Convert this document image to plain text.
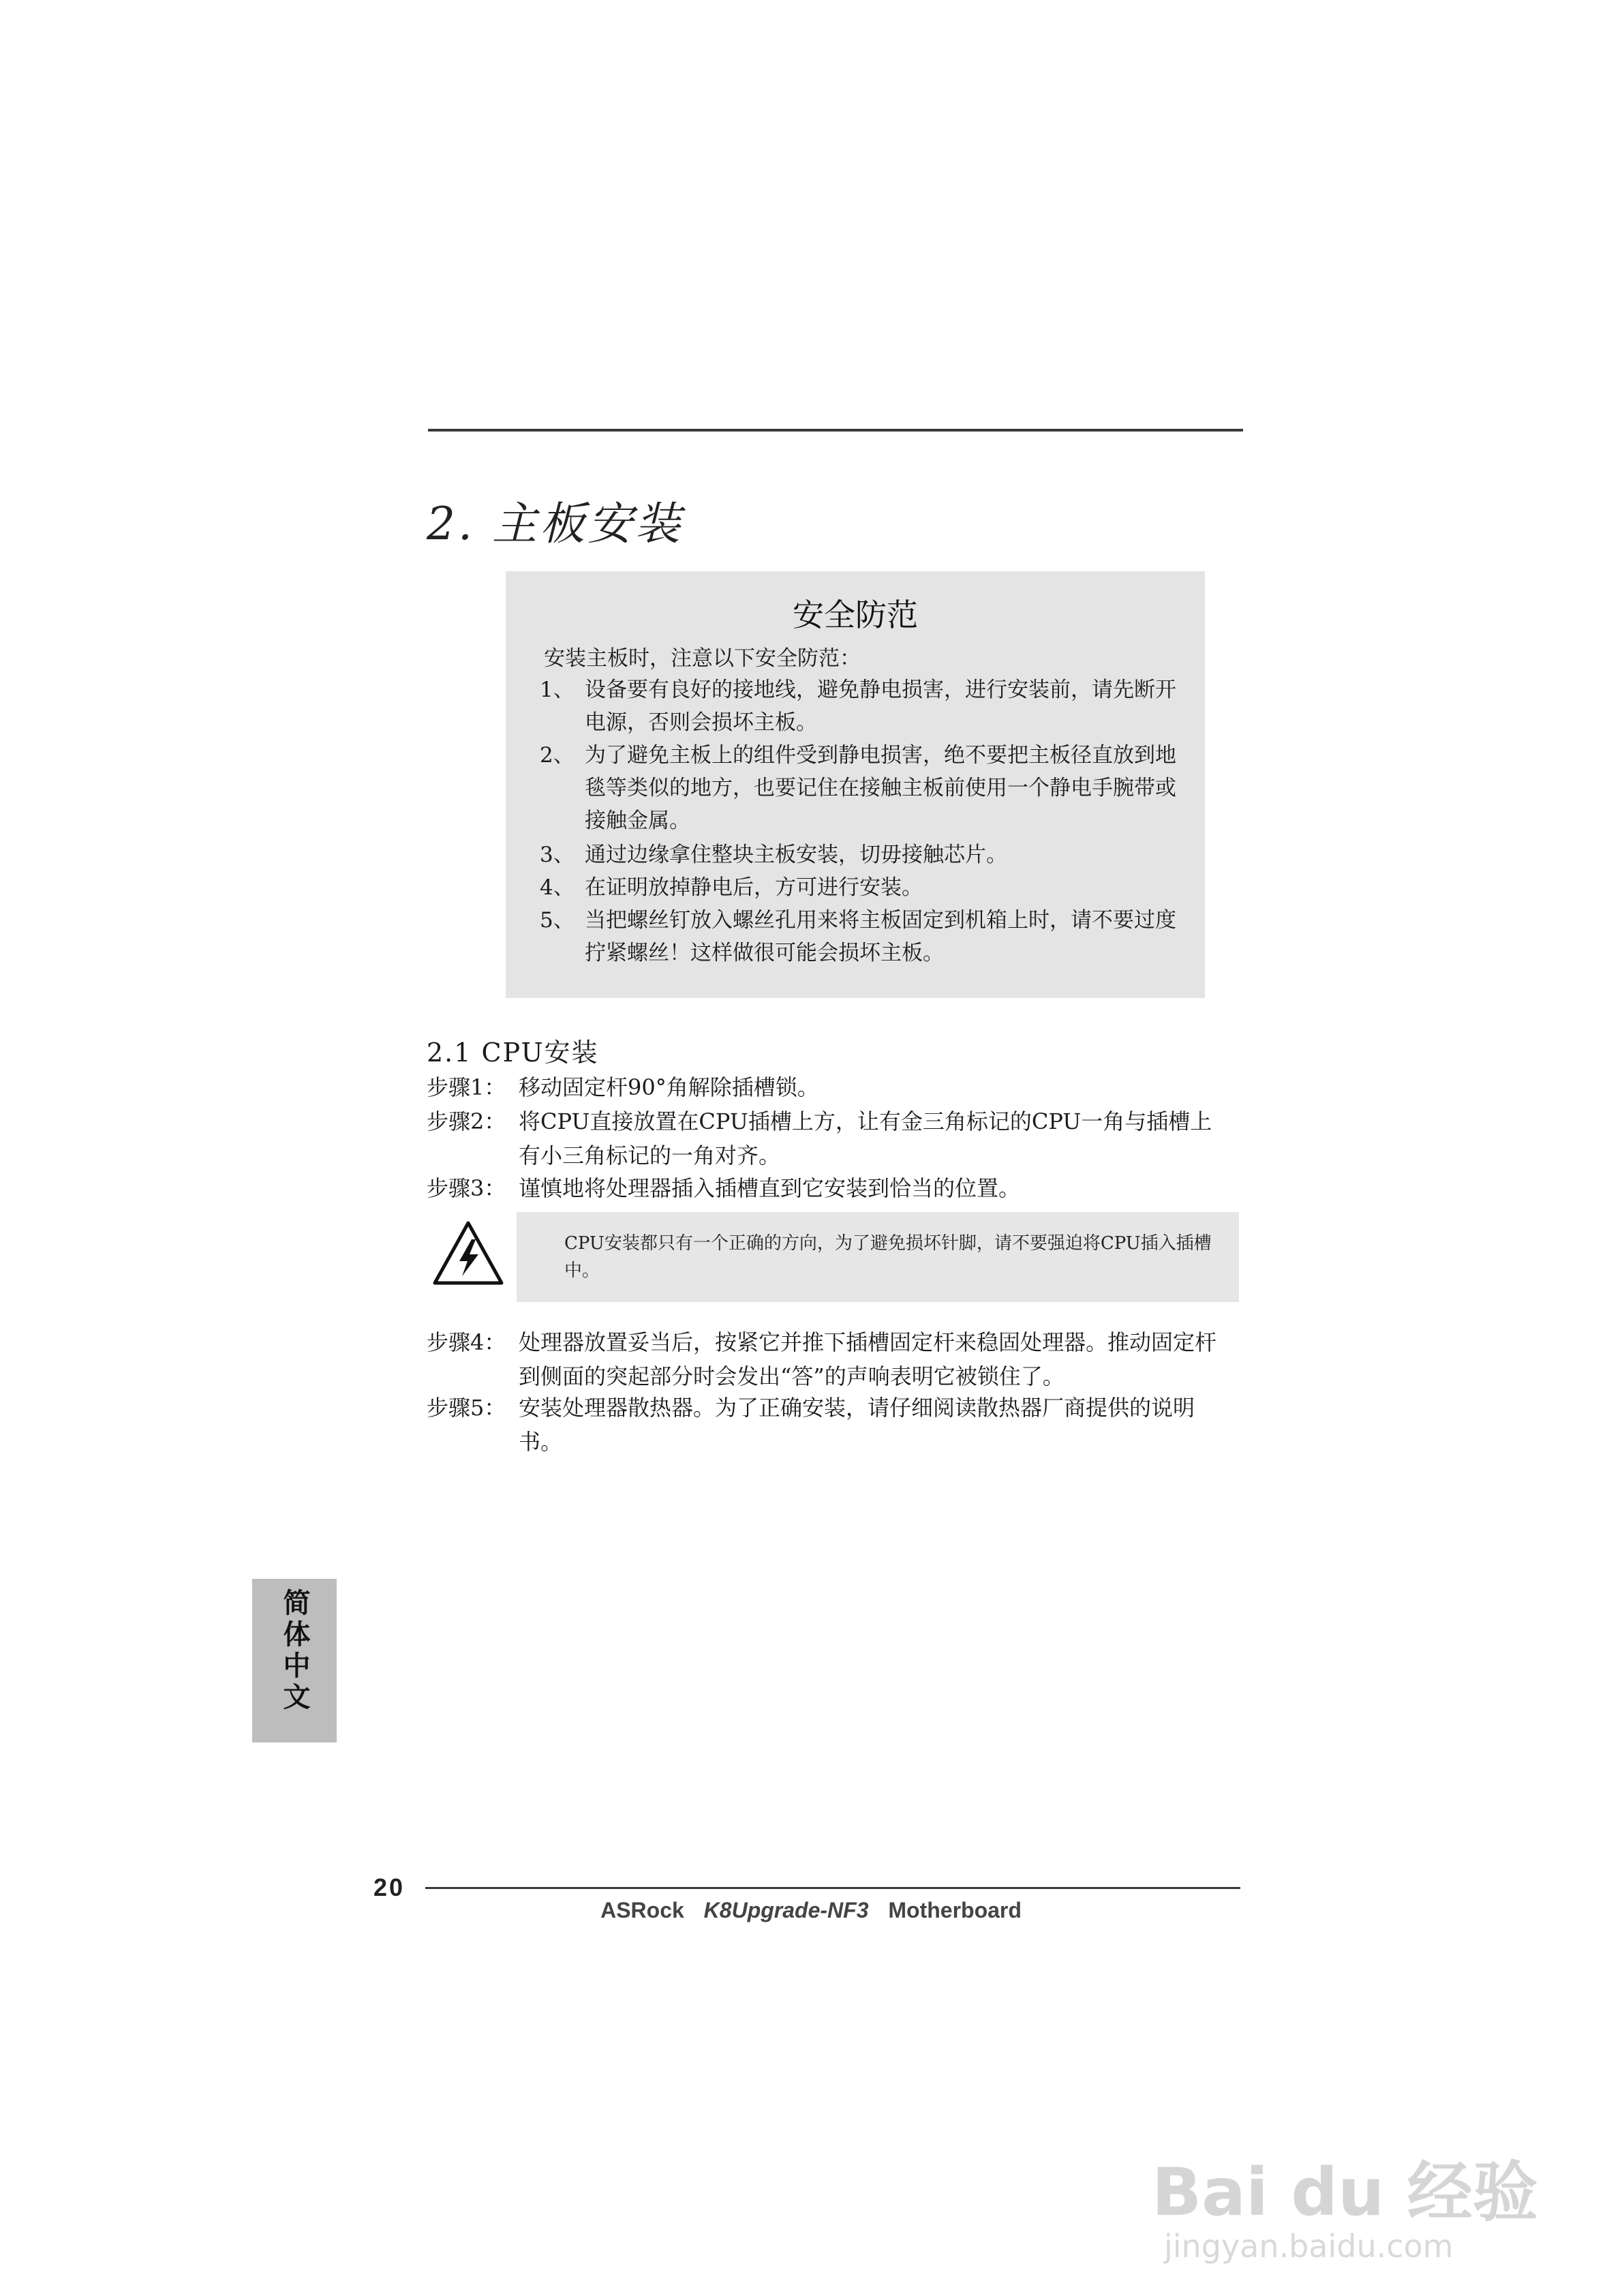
2. 主板安装
安全防范
安装主板时，注意以下安全防范：
1、 设备要有良好的接地线，避免静电损害，进行安装前，请先断开电源，否则会损坏主板。
2、 为了避免主板上的组件受到静电损害，绝不要把主板径直放到地毯等类似的地方，也要记住在接触主板前使用一个静电手腕带或接触金属。
3、 通过边缘拿住整块主板安装，切毋接触芯片。
4、 在证明放掉静电后，方可进行安装。
5、 当把螺丝钉放入螺丝孔用来将主板固定到机箱上时，请不要过度拧紧螺丝！这样做很可能会损坏主板。
2.1 CPU安装
步骤1： 移动固定杆90°角解除插槽锁。
步骤2： 将CPU直接放置在CPU插槽上方，让有金三角标记的CPU一角与插槽上有小三角标记的一角对齐。
步骤3： 谨慎地将处理器插入插槽直到它安装到恰当的位置。
CPU安装都只有一个正确的方向，为了避免损坏针脚，请不要强迫将CPU插入插槽中。
步骤4： 处理器放置妥当后，按紧它并推下插槽固定杆来稳固处理器。推动固定杆到侧面的突起部分时会发出“答”的声响表明它被锁住了。
步骤5： 安装处理器散热器。为了正确安装，请仔细阅读散热器厂商提供的说明书。
简体中文
20
ASRock K8Upgrade-NF3 Motherboard
Bai du 经验
jingyan.baidu.com
